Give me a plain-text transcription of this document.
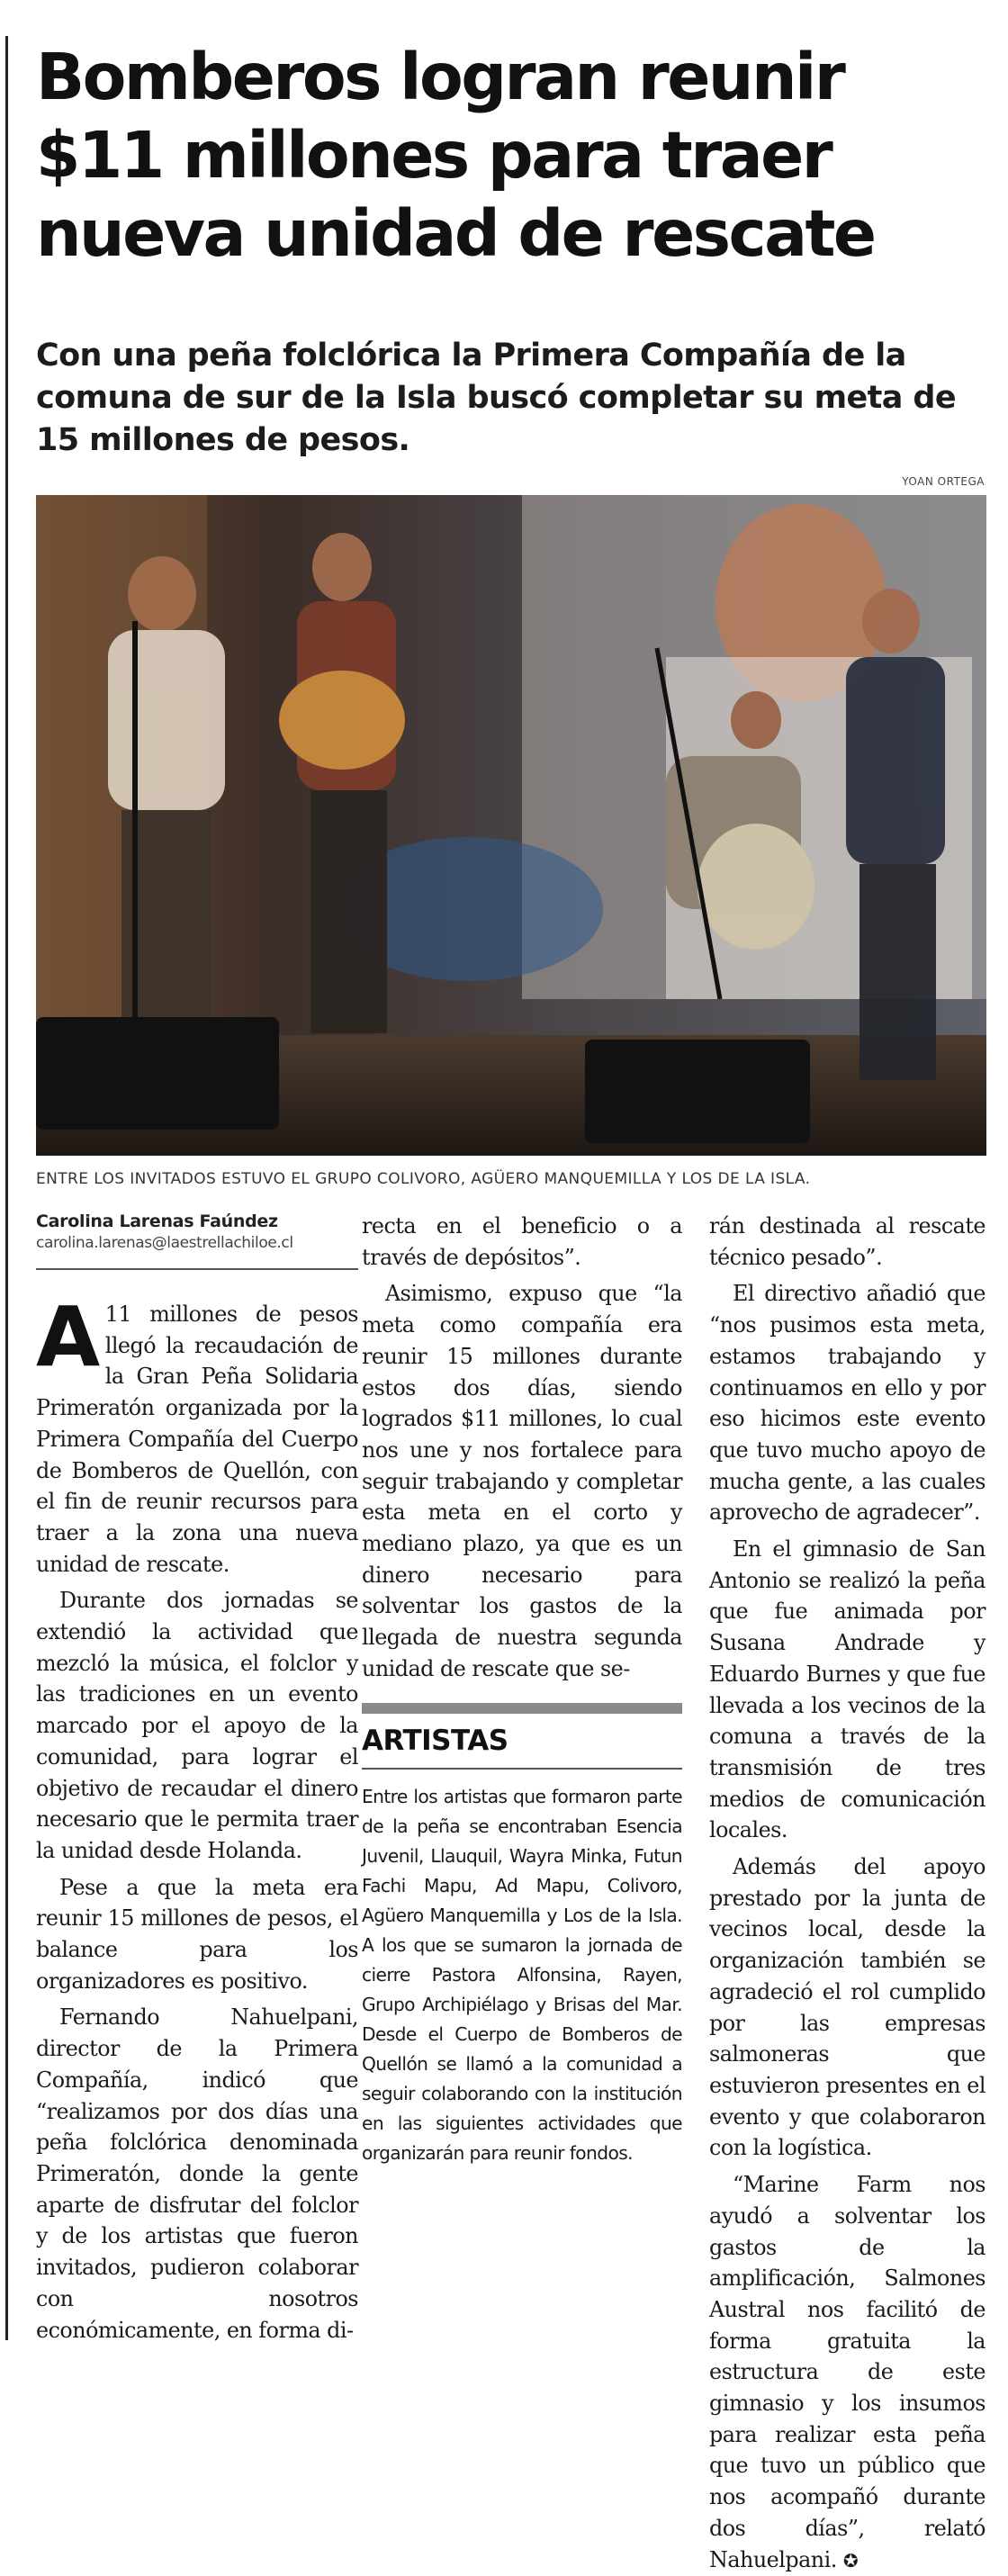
Bomberos logran reunir
$11 millones para traer
nueva unidad de rescate
Con una peña folclórica la Primera Compañía de la comuna de sur de la Isla buscó completar su meta de 15 millones de pesos.
YOAN ORTEGA
ENTRE LOS INVITADOS ESTUVO EL GRUPO COLIVORO, AGÜERO MANQUEMILLA Y LOS DE LA ISLA.
Carolina Larenas Faúndez
carolina.larenas@laestrellachiloe.cl

A 11 millones de pesos llegó la recaudación de la Gran Peña Solidaria Primeratón organizada por la Primera Compañía del Cuerpo de Bomberos de Quellón, con el fin de reunir recursos para traer a la zona una nueva unidad de rescate.

Durante dos jornadas se extendió la actividad que mezcló la música, el folclor y las tradiciones en un evento marcado por el apoyo de la comunidad, para lograr el objetivo de recaudar el dinero necesario que le permita traer la unidad desde Holanda.

Pese a que la meta era reunir 15 millones de pesos, el balance para los organizadores es positivo.

Fernando Nahuelpani, director de la Primera Compañía, indicó que “realizamos por dos días una peña folclórica denominada Primeratón, donde la gente aparte de disfrutar del folclor y de los artistas que fueron invitados, pudieron colaborar con nosotros económicamente, en forma di-

recta en el beneficio o a través de depósitos”.

Asimismo, expuso que “la meta como compañía era reunir 15 millones durante estos dos días, siendo logrados $11 millones, lo cual nos une y nos fortalece para seguir trabajando y completar esta meta en el corto y mediano plazo, ya que es un dinero necesario para solventar los gastos de la llegada de nuestra segunda unidad de rescate que se-

ARTISTAS

Entre los artistas que formaron parte de la peña se encontraban Esencia Juvenil, Llauquil, Wayra Minka, Futun Fachi Mapu, Ad Mapu, Colivoro, Agüero Manquemilla y Los de la Isla. A los que se sumaron la jornada de cierre Pastora Alfonsina, Rayen, Grupo Archipiélago y Brisas del Mar. Desde el Cuerpo de Bomberos de Quellón se llamó a la comunidad a seguir colaborando con la institución en las siguientes actividades que organizarán para reunir fondos.

rán destinada al rescate técnico pesado”.

El directivo añadió que “nos pusimos esta meta, estamos trabajando y continuamos en ello y por eso hicimos este evento que tuvo mucho apoyo de mucha gente, a las cuales aprovecho de agradecer”.

En el gimnasio de San Antonio se realizó la peña que fue animada por Susana Andrade y Eduardo Burnes y que fue llevada a los vecinos de la comuna a través de la transmisión de tres medios de comunicación locales.

Además del apoyo prestado por la junta de vecinos local, desde la organización también se agradeció el rol cumplido por las empresas salmoneras que estuvieron presentes en el evento y que colaboraron con la logística.

“Marine Farm nos ayudó a solventar los gastos de la amplificación, Salmones Austral nos facilitó de forma gratuita la estructura de este gimnasio y los insumos para realizar esta peña que tuvo un público que nos acompañó durante dos días”, relató Nahuelpani. ✪
